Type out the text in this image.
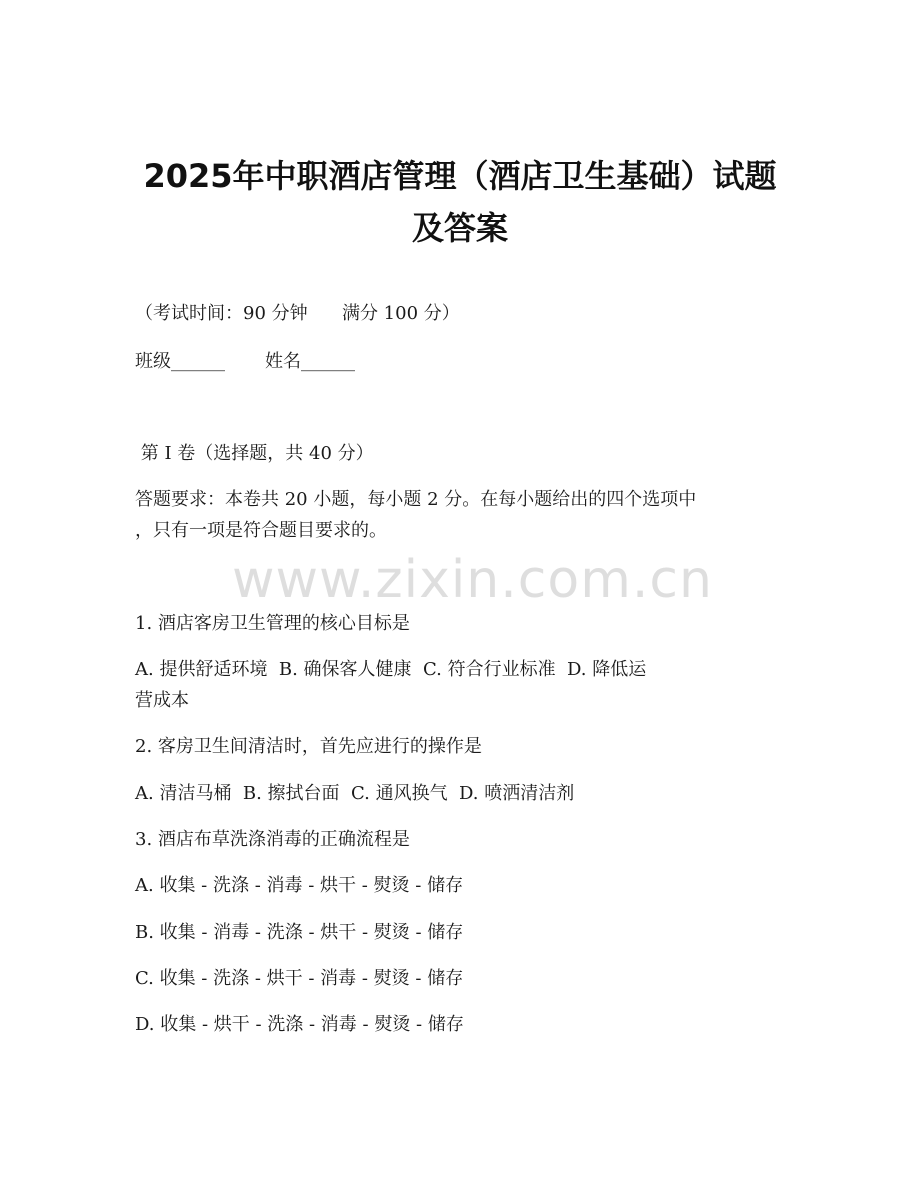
www.zixin.com.cn
2025年中职酒店管理（酒店卫生基础）试题
及答案

（考试时间：90 分钟      满分 100 分）

班级______       姓名______

第 I 卷（选择题，共 40 分）

答题要求：本卷共 20 小题，每小题 2 分。在每小题给出的四个选项中

，只有一项是符合题目要求的。

1. 酒店客房卫生管理的核心目标是

A. 提供舒适环境  B. 确保客人健康  C. 符合行业标准  D. 降低运

营成本

2. 客房卫生间清洁时，首先应进行的操作是

A. 清洁马桶  B. 擦拭台面  C. 通风换气  D. 喷洒清洁剂

3. 酒店布草洗涤消毒的正确流程是

A. 收集 - 洗涤 - 消毒 - 烘干 - 熨烫 - 储存

B. 收集 - 消毒 - 洗涤 - 烘干 - 熨烫 - 储存

C. 收集 - 洗涤 - 烘干 - 消毒 - 熨烫 - 储存

D. 收集 - 烘干 - 洗涤 - 消毒 - 熨烫 - 储存
